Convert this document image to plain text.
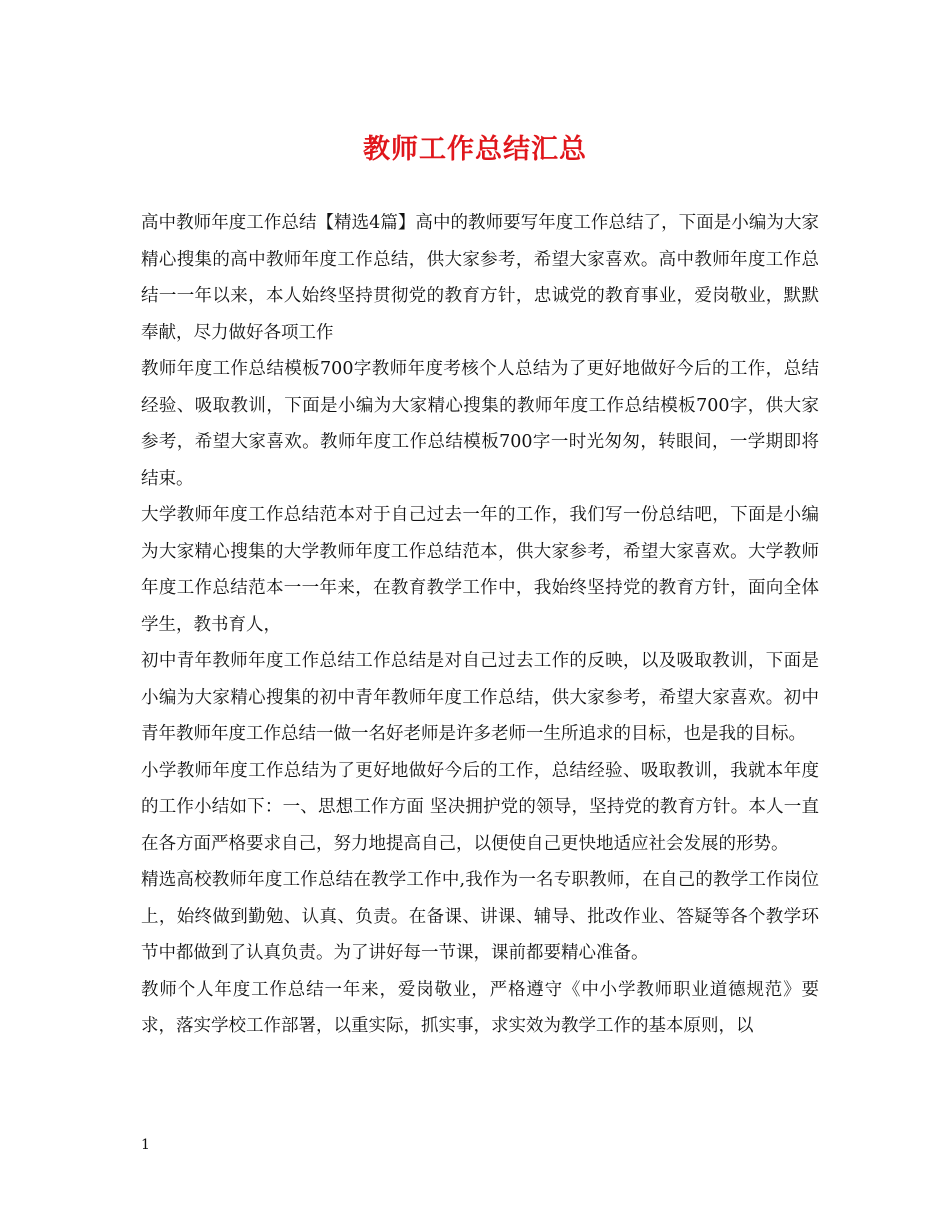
教师工作总结汇总

高中教师年度工作总结【精选4篇】高中的教师要写年度工作总结了，下面是小编为大家精心搜集的高中教师年度工作总结，供大家参考，希望大家喜欢。高中教师年度工作总结一一年以来，本人始终坚持贯彻党的教育方针，忠诚党的教育事业，爱岗敬业，默默奉献，尽力做好各项工作

教师年度工作总结模板700字教师年度考核个人总结为了更好地做好今后的工作，总结经验、吸取教训，下面是小编为大家精心搜集的教师年度工作总结模板700字，供大家参考，希望大家喜欢。教师年度工作总结模板700字一时光匆匆，转眼间，一学期即将结束。

大学教师年度工作总结范本对于自己过去一年的工作，我们写一份总结吧，下面是小编为大家精心搜集的大学教师年度工作总结范本，供大家参考，希望大家喜欢。大学教师年度工作总结范本一一年来，在教育教学工作中，我始终坚持党的教育方针，面向全体学生，教书育人，

初中青年教师年度工作总结工作总结是对自己过去工作的反映，以及吸取教训，下面是小编为大家精心搜集的初中青年教师年度工作总结，供大家参考，希望大家喜欢。初中青年教师年度工作总结一做一名好老师是许多老师一生所追求的目标，也是我的目标。

小学教师年度工作总结为了更好地做好今后的工作，总结经验、吸取教训，我就本年度的工作小结如下：一、思想工作方面 坚决拥护党的领导，坚持党的教育方针。本人一直在各方面严格要求自己，努力地提高自己，以便使自己更快地适应社会发展的形势。

精选高校教师年度工作总结在教学工作中,我作为一名专职教师，在自己的教学工作岗位上，始终做到勤勉、认真、负责。在备课、讲课、辅导、批改作业、答疑等各个教学环节中都做到了认真负责。为了讲好每一节课，课前都要精心准备。

教师个人年度工作总结一年来，爱岗敬业，严格遵守《中小学教师职业道德规范》要求，落实学校工作部署，以重实际，抓实事，求实效为教学工作的基本原则，以

1
